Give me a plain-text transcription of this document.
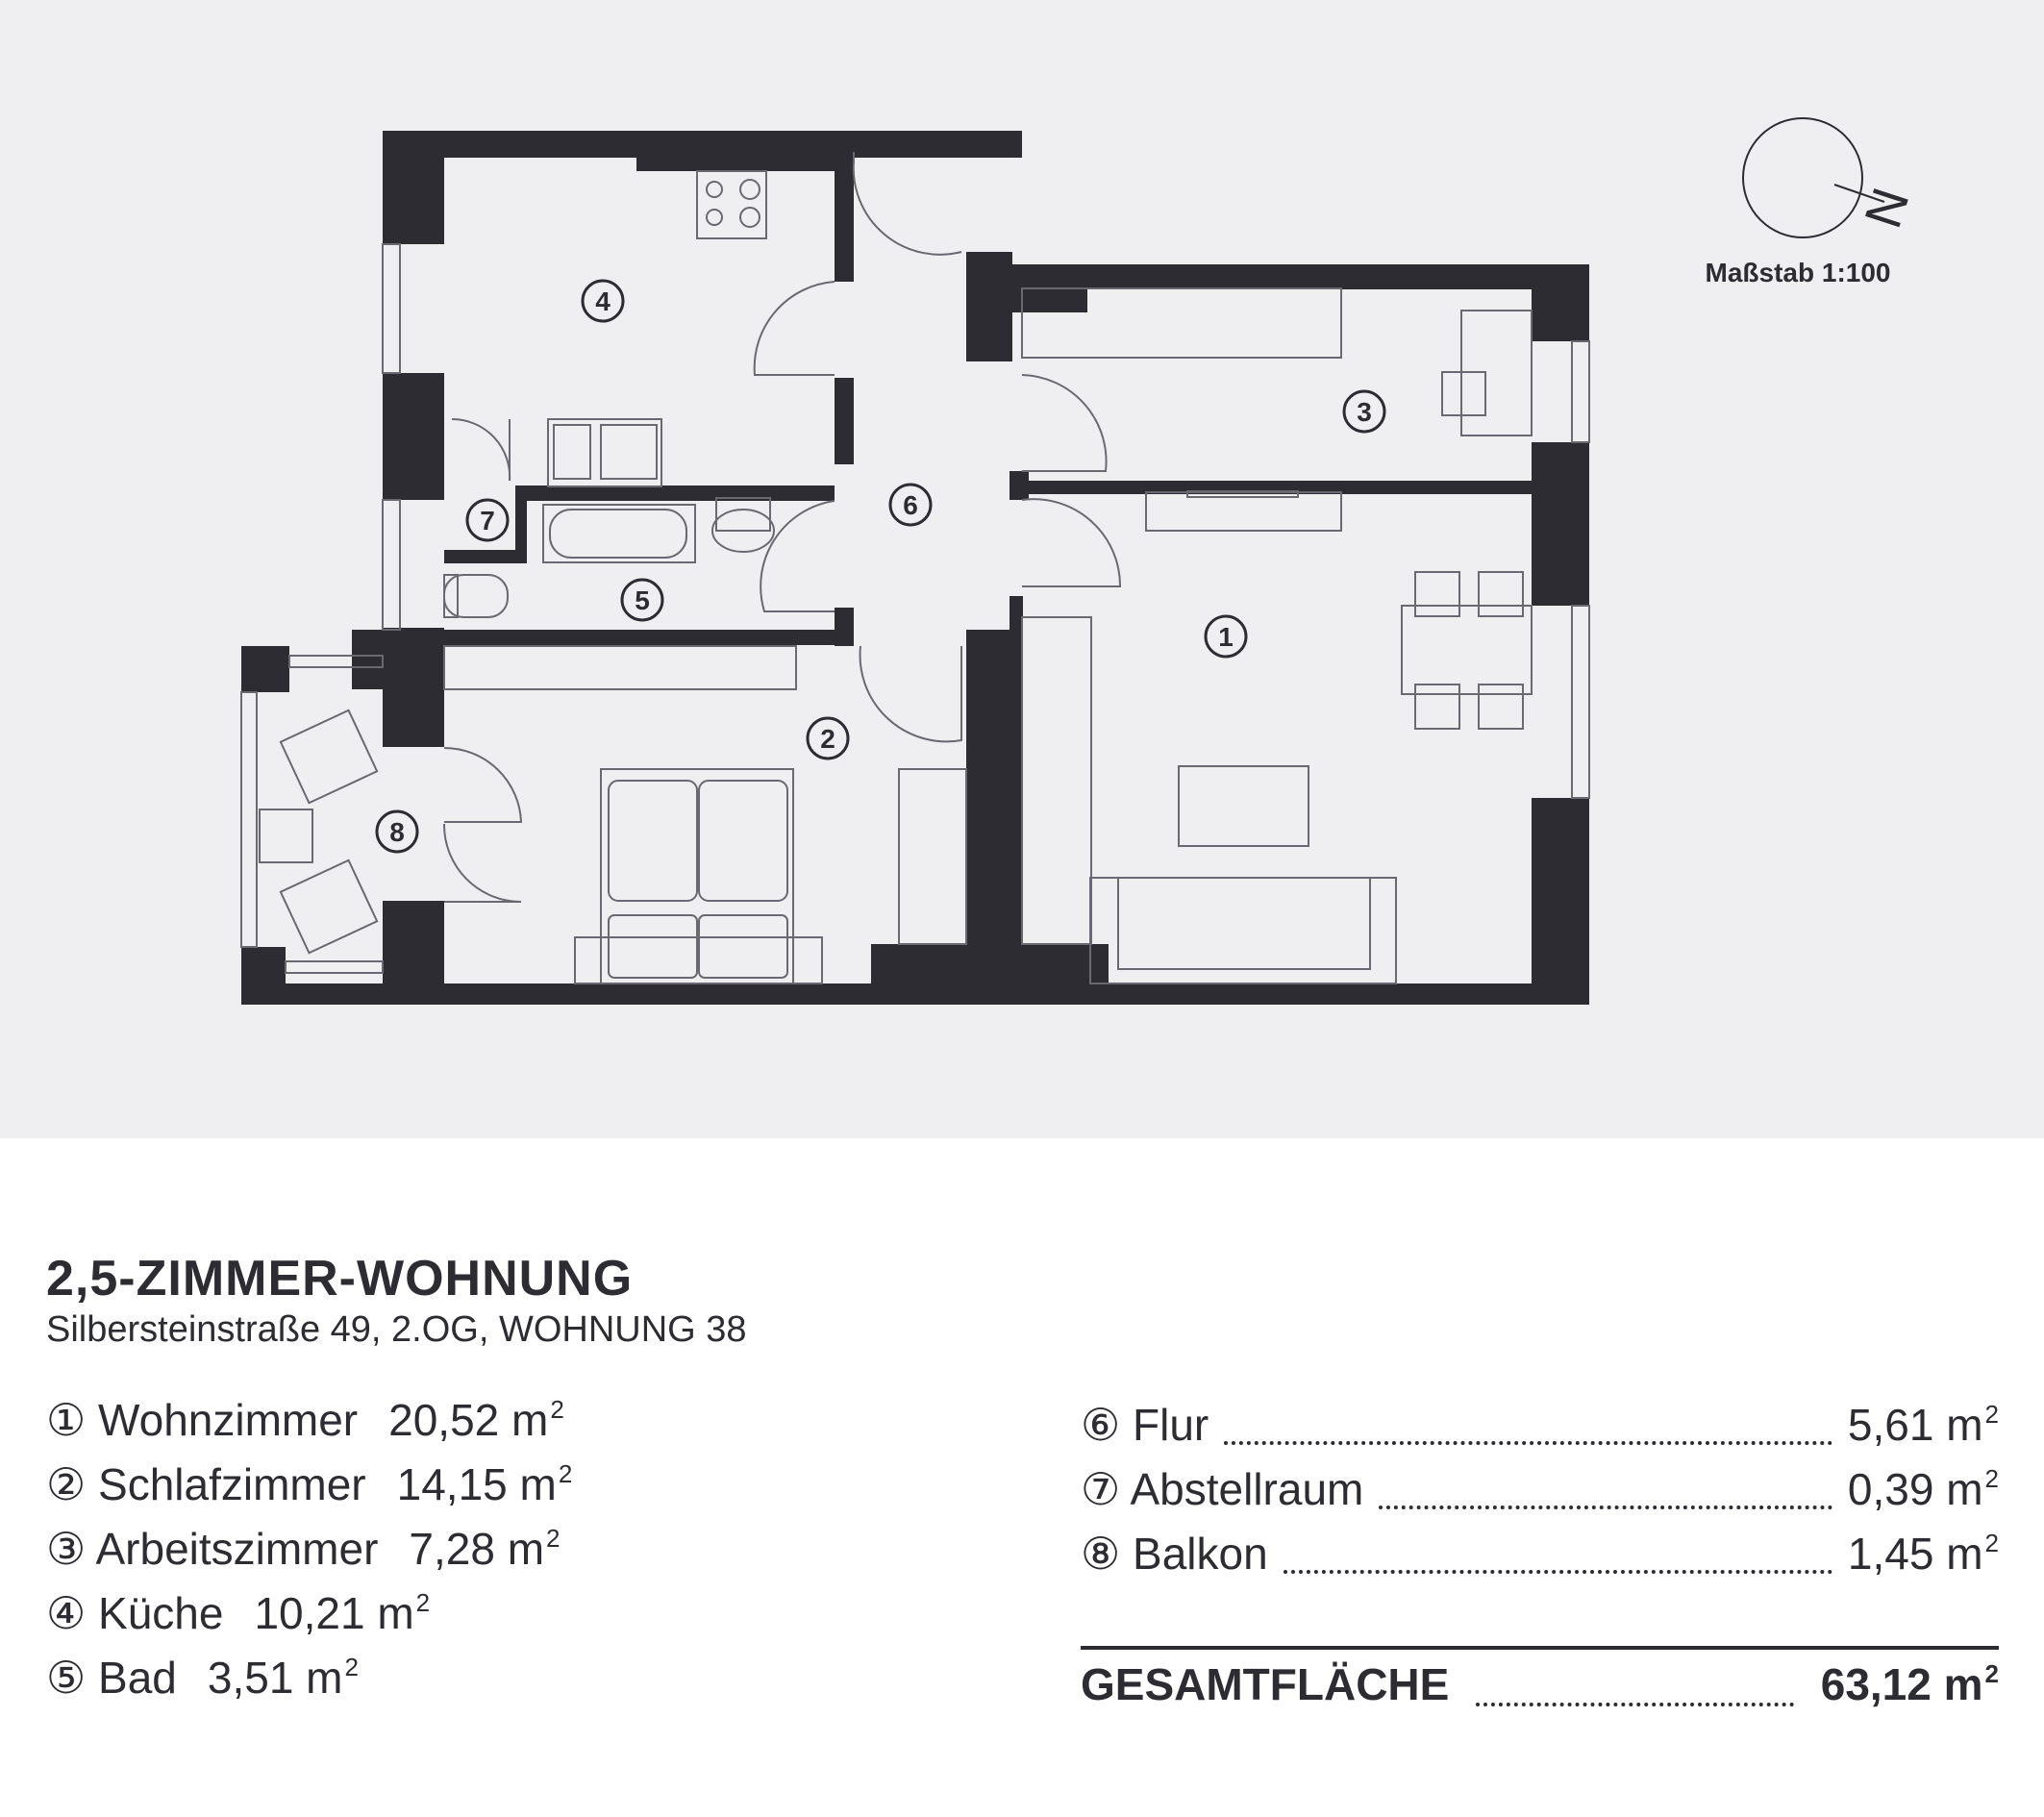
1
2
3
4
5
6
7
8
N
Maßstab 1:100
2,5-ZIMMER-WOHNUNG
Silbersteinstraße 49, 2.OG, WOHNUNG 38
① Wohnzimmer 20,52 $m^2$
② Schlafzimmer 14,15 $m^2$
③ Arbeitszimmer 7,28 $m^2$
④ Küche 10,21 $m^2$
⑤ Bad 3,51 $m^2$
⑥ Flur	5,61 $m^2$
⑦ Abstellraum	0,39 $m^2$
⑧ Balkon	1,45 $m^2$
GESAMTFLÄCHE	63,12 $m^2$
